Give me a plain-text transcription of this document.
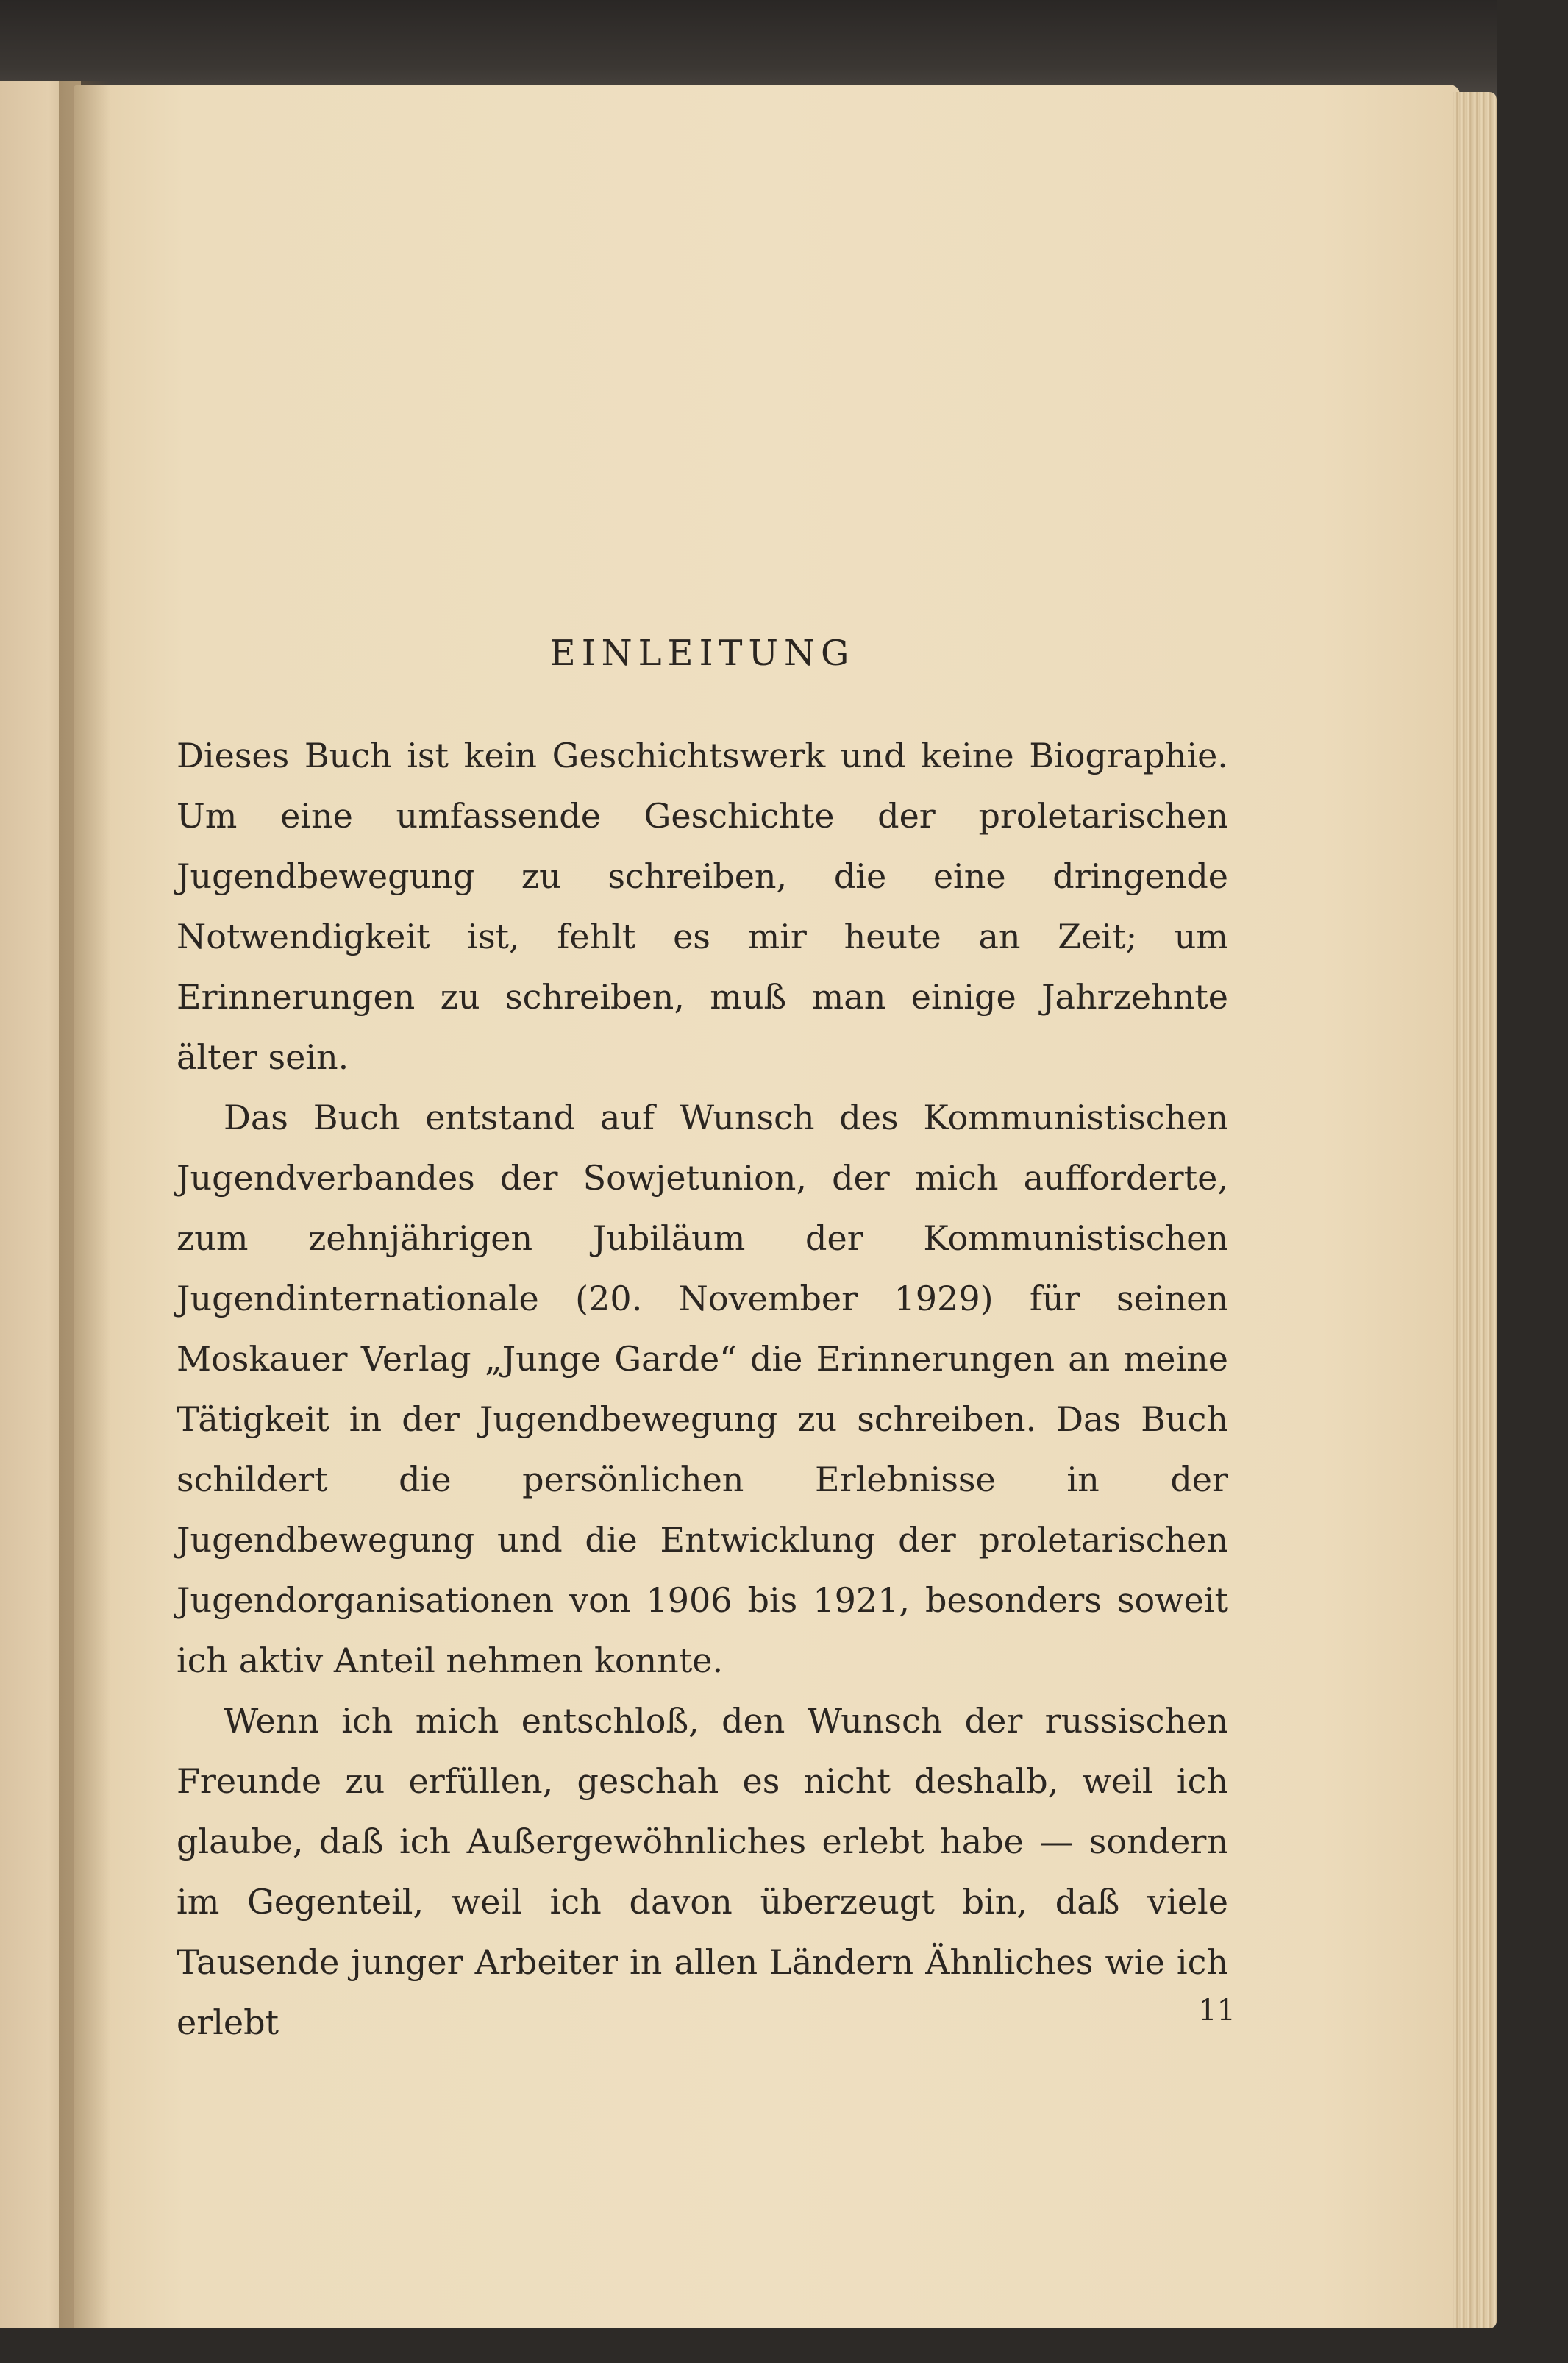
EINLEITUNG

Dieses Buch ist kein Geschichtswerk und keine Biographie. Um eine umfassende Geschichte der proletarischen Jugendbewegung zu schreiben, die eine dringende Notwendigkeit ist, fehlt es mir heute an Zeit; um Erinnerungen zu schreiben, muß man einige Jahrzehnte älter sein.

Das Buch entstand auf Wunsch des Kommunistischen Jugendverbandes der Sowjetunion, der mich aufforderte, zum zehnjährigen Jubiläum der Kommunistischen Jugendinternationale (20. November 1929) für seinen Moskauer Verlag „Junge Garde“ die Erinnerungen an meine Tätigkeit in der Jugendbewegung zu schreiben. Das Buch schildert die persönlichen Erlebnisse in der Jugendbewegung und die Entwicklung der proletarischen Jugendorganisationen von 1906 bis 1921, besonders soweit ich aktiv Anteil nehmen konnte.

Wenn ich mich entschloß, den Wunsch der russischen Freunde zu erfüllen, geschah es nicht deshalb, weil ich glaube, daß ich Außergewöhnliches erlebt habe — sondern im Gegenteil, weil ich davon überzeugt bin, daß viele Tausende junger Arbeiter in allen Ländern Ähnliches wie ich erlebt	11
